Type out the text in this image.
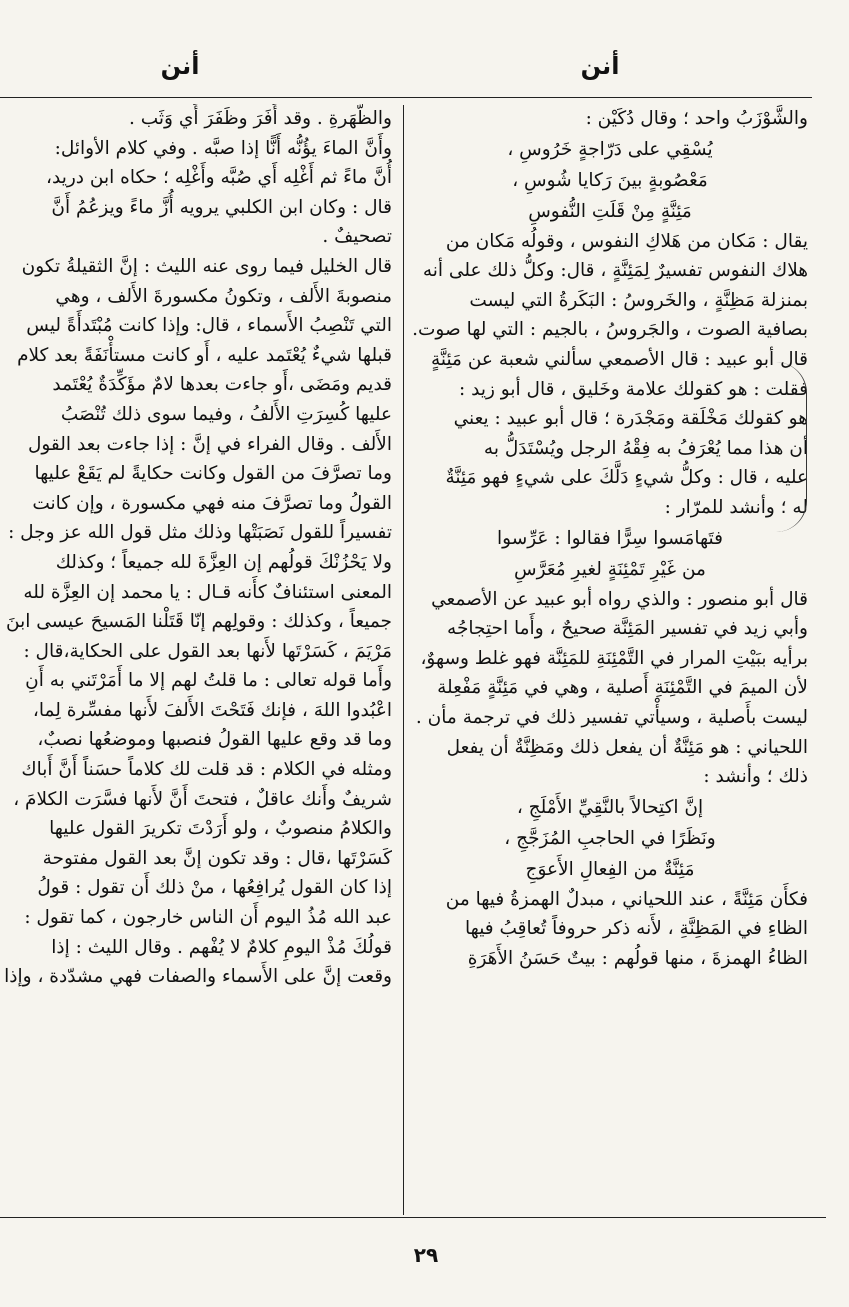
أنن
أنن
والشَّوْزَبُ واحد ؛ وقال دُكَيْن :
يُسْقِي على دَرّاجةٍ خَرُوسِ ،
مَعْصُوبةٍ بينَ رَكايا شُوسِ ،
مَئِنَّةٍ مِنْ قَلَتِ النُّفوسِ
يقال : مَكان من هَلاكِ النفوس ، وقولُه مَكان من
هلاك النفوس تفسيرٌ لِمَئِنَّةٍ ، قال: وكلُّ ذلك على أنه
بمنزلة مَظِنَّةٍ ، والخَروسُ : البَكَرةُ التي ليست
بصافية الصوت ، والجَروسُ ، بالجيم : التي لها صوت.
قال أبو عبيد : قال الأصمعي سألني شعبة عن مَئِنَّةٍ
فقلت : هو كقولك علامة وخَليق ، قال أبو زيد :
هو كقولك مَخْلَقة ومَجْدَرة ؛ قال أبو عبيد : يعني
أن هذا مما يُعْرَفُ به فِقْهُ الرجل ويُسْتَدَلُّ به
عليه ، قال : وكلُّ شيءٍ دَلَّكَ على شيءٍ فهو مَئِنَّةٌ
له ؛ وأنشد للمرّار :
فتَهامَسوا سِرًّا فقالوا : عَرِّسوا
من غَيْرِ تَمْئِنَةٍ لغيرِ مُعَرَّسِ
قال أبو منصور : والذي رواه أبو عبيد عن الأصمعي
وأبي زيد في تفسير المَئِنَّة صحيحٌ ، وأَما احتِجاجُه
برأيه ببَيْتِ المرار في التَّمْئِنَةِ للمَئِنَّة فهو غلط وسهوٌ،
لأن الميمَ في التَّمْئِنَةِ أَصلية ، وهي في مَئِنَّةٍ مَفْعِلة
ليست بأَصلية ، وسيأْتي تفسير ذلك في ترجمة مأن .
اللحياني : هو مَئِنَّةٌ أن يفعل ذلك ومَظِنَّةٌ أن يفعل
ذلك ؛ وأنشد :
إنَّ اكتِحالاً بالنَّقِيِّ الأَمْلَجِ ،
ونَظَرًا في الحاجبِ المُزَجَّجِ ،
مَئِنَّةٌ من الفِعالِ الأَعوَجِ
فكأَن مَئِنَّةً ، عند اللحياني ، مبدلٌ الهمزةُ فيها من
الظاءِ في المَظِنَّةِ ، لأَنه ذكر حروفاً تُعاقِبُ فيها
الظاءُ الهمزةَ ، منها قولُهم : بيتٌ حَسَنُ الأَهَرَةِ
والظَّهَرةِ . وقد أَفَرَ وظَفَرَ أَي وَثَب .
وأَنَّ الماءَ يؤُنُّه أَنًّا إذا صبَّه . وفي كلام الأوائل:
أُنَّ ماءً ثم أَغْلِه أَي صُبَّه وأَغْلِه ؛ حكاه ابن دريد،
قال : وكان ابن الكلبي يرويه أُزَّ ماءً ويزعُمُ أَنَّ
تصحيفٌ .
قال الخليل فيما روى عنه الليث : إنَّ الثقيلةُ تكون
منصوبةَ الأَلف ، وتكونُ مكسورةَ الأَلف ، وهي
التي تَنْصِبُ الأَسماء ، قال: وإذا كانت مُبْتَدأَةً ليس
قبلها شيءٌ يُعْتَمد عليه ، أَو كانت مستأْنَفَةً بعد كلام
قديم ومَضَى ،أَو جاءت بعدها لامٌ مؤَكِّدَةٌ يُعْتَمد
عليها كُسِرَتِ الأَلفُ ، وفيما سوى ذلك تُنْصَبُ
الأَلف . وقال الفراء في إنَّ : إذا جاءت بعد القول
وما تصرَّفَ من القول وكانت حكايةً لم يَقَعْ عليها
القولُ وما تصرَّفَ منه فهي مكسورة ، وإن كانت
تفسيراً للقول نَصَبَتْها وذلك مثل قول الله عز وجل :
ولا يَحْزُنْكَ قولُهم إن العِزَّةَ لله جميعاً ؛ وكذلك
المعنى استئنافٌ كأَنه قـال : يا محمد إن العِزَّة لله
جميعاً ، وكذلك : وقولِهم إنّا قَتَلْنا المَسيحَ عيسى ابنَ
مَرْيَمَ ، كَسَرْتَها لأَنها بعد القول على الحكاية،قال :
وأَما قوله تعالى : ما قلتُ لهم إلا ما أَمَرْتَني به أَنِ
اعْبُدوا اللهَ ، فإنك فَتَحْتَ الأَلفَ لأَنها مفسِّرة لِما،
وما قد وقع عليها القولُ فنصبها وموضعُها نصبٌ،
ومثله في الكلام : قد قلت لك كلاماً حسَناً أَنَّ أَباك
شريفٌ وأَنك عاقلٌ ، فتحتَ أَنَّ لأَنها فسَّرَت الكلامَ ،
والكلامُ منصوبٌ ، ولو أَرَدْتَ تكريرَ القول عليها
كَسَرْتَها ،قال : وقد تكون إنَّ بعد القول مفتوحة
إذا كان القول يُرافِعُها ، منْ ذلك أَن تقول : قولُ
عبد الله مُذُ اليوم أَن الناس خارجون ، كما تقول :
قولُكَ مُذْ اليومِ كلامٌ لا يُفْهم . وقال الليث : إذا
وقعت إنَّ على الأَسماء والصفات فهي مشدّدة ، وإذا
٢٩
